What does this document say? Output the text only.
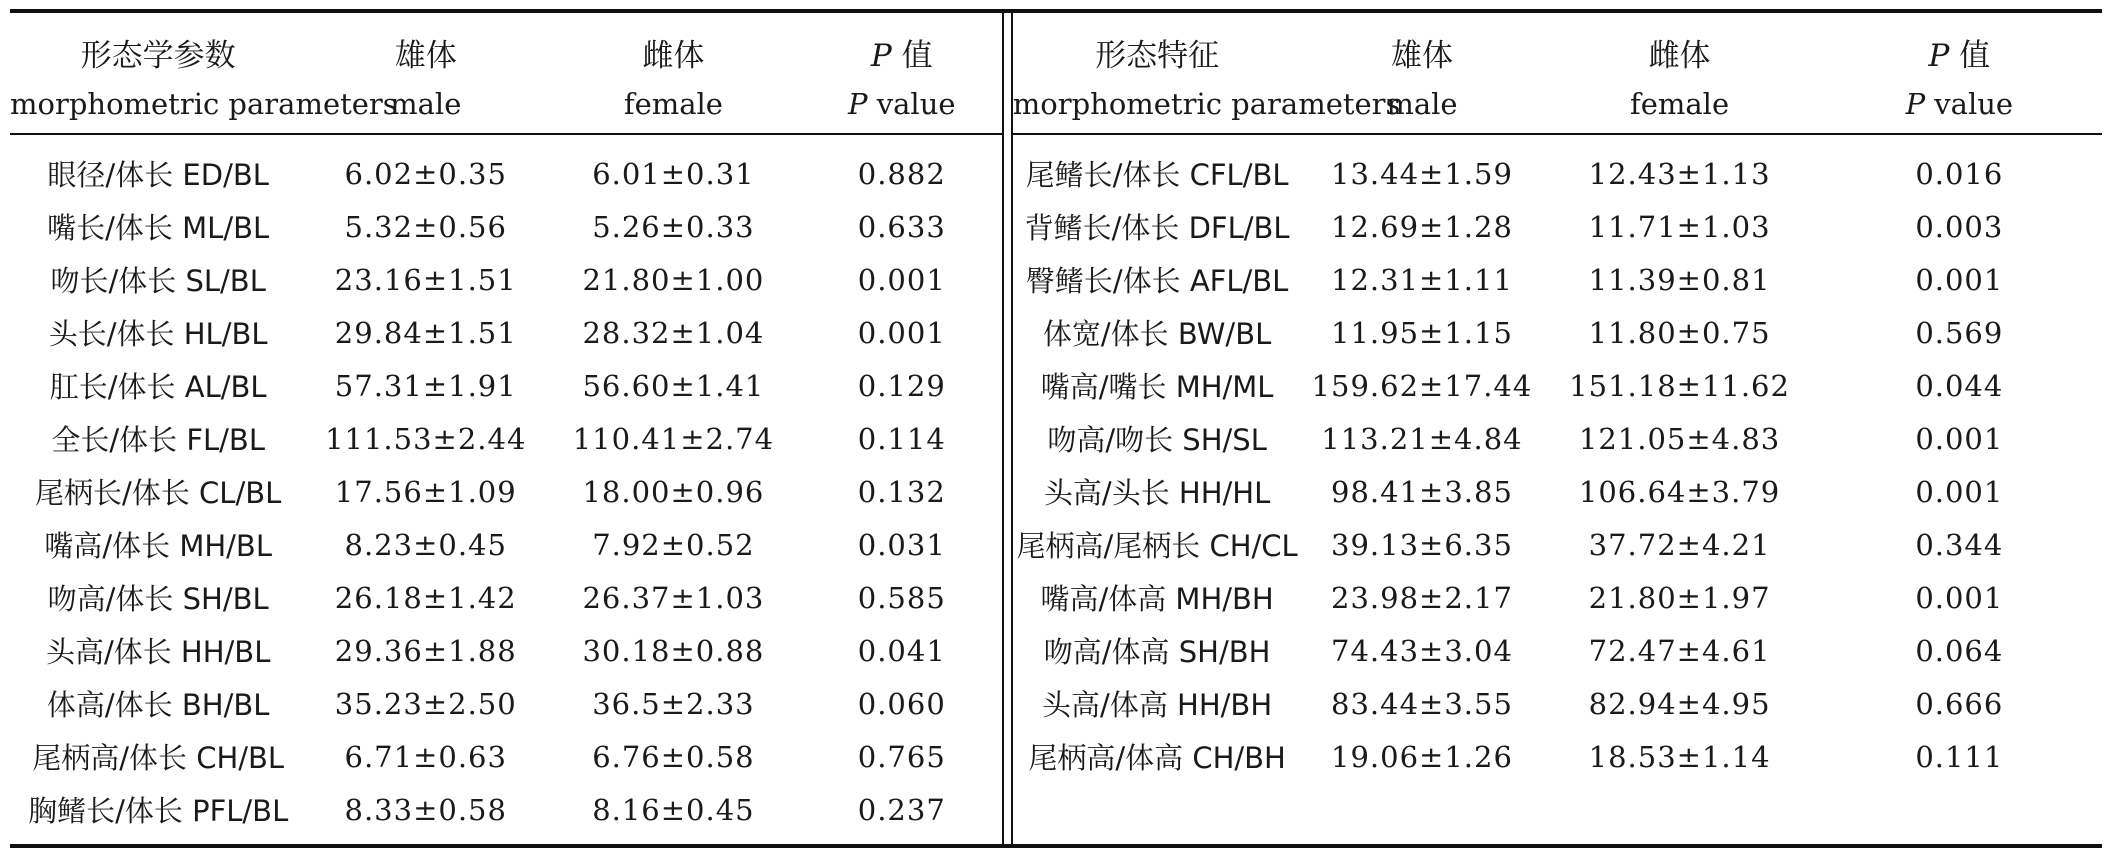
形态学参数	雄体	雌体	P 值		形态特征	雄体	雌体	P 值
morphometric parameters	male	female	P value		morphometric parameters	male	female	P value
眼径/体长 ED/BL	6.02±0.35	6.01±0.31	0.882		尾鳍长/体长 CFL/BL	13.44±1.59	12.43±1.13	0.016
嘴长/体长 ML/BL	5.32±0.56	5.26±0.33	0.633		背鳍长/体长 DFL/BL	12.69±1.28	11.71±1.03	0.003
吻长/体长 SL/BL	23.16±1.51	21.80±1.00	0.001		臀鳍长/体长 AFL/BL	12.31±1.11	11.39±0.81	0.001
头长/体长 HL/BL	29.84±1.51	28.32±1.04	0.001		体宽/体长 BW/BL	11.95±1.15	11.80±0.75	0.569
肛长/体长 AL/BL	57.31±1.91	56.60±1.41	0.129		嘴高/嘴长 MH/ML	159.62±17.44	151.18±11.62	0.044
全长/体长 FL/BL	111.53±2.44	110.41±2.74	0.114		吻高/吻长 SH/SL	113.21±4.84	121.05±4.83	0.001
尾柄长/体长 CL/BL	17.56±1.09	18.00±0.96	0.132		头高/头长 HH/HL	98.41±3.85	106.64±3.79	0.001
嘴高/体长 MH/BL	8.23±0.45	7.92±0.52	0.031		尾柄高/尾柄长 CH/CL	39.13±6.35	37.72±4.21	0.344
吻高/体长 SH/BL	26.18±1.42	26.37±1.03	0.585		嘴高/体高 MH/BH	23.98±2.17	21.80±1.97	0.001
头高/体长 HH/BL	29.36±1.88	30.18±0.88	0.041		吻高/体高 SH/BH	74.43±3.04	72.47±4.61	0.064
体高/体长 BH/BL	35.23±2.50	36.5±2.33	0.060		头高/体高 HH/BH	83.44±3.55	82.94±4.95	0.666
尾柄高/体长 CH/BL	6.71±0.63	6.76±0.58	0.765		尾柄高/体高 CH/BH	19.06±1.26	18.53±1.14	0.111
胸鳍长/体长 PFL/BL	8.33±0.58	8.16±0.45	0.237					
